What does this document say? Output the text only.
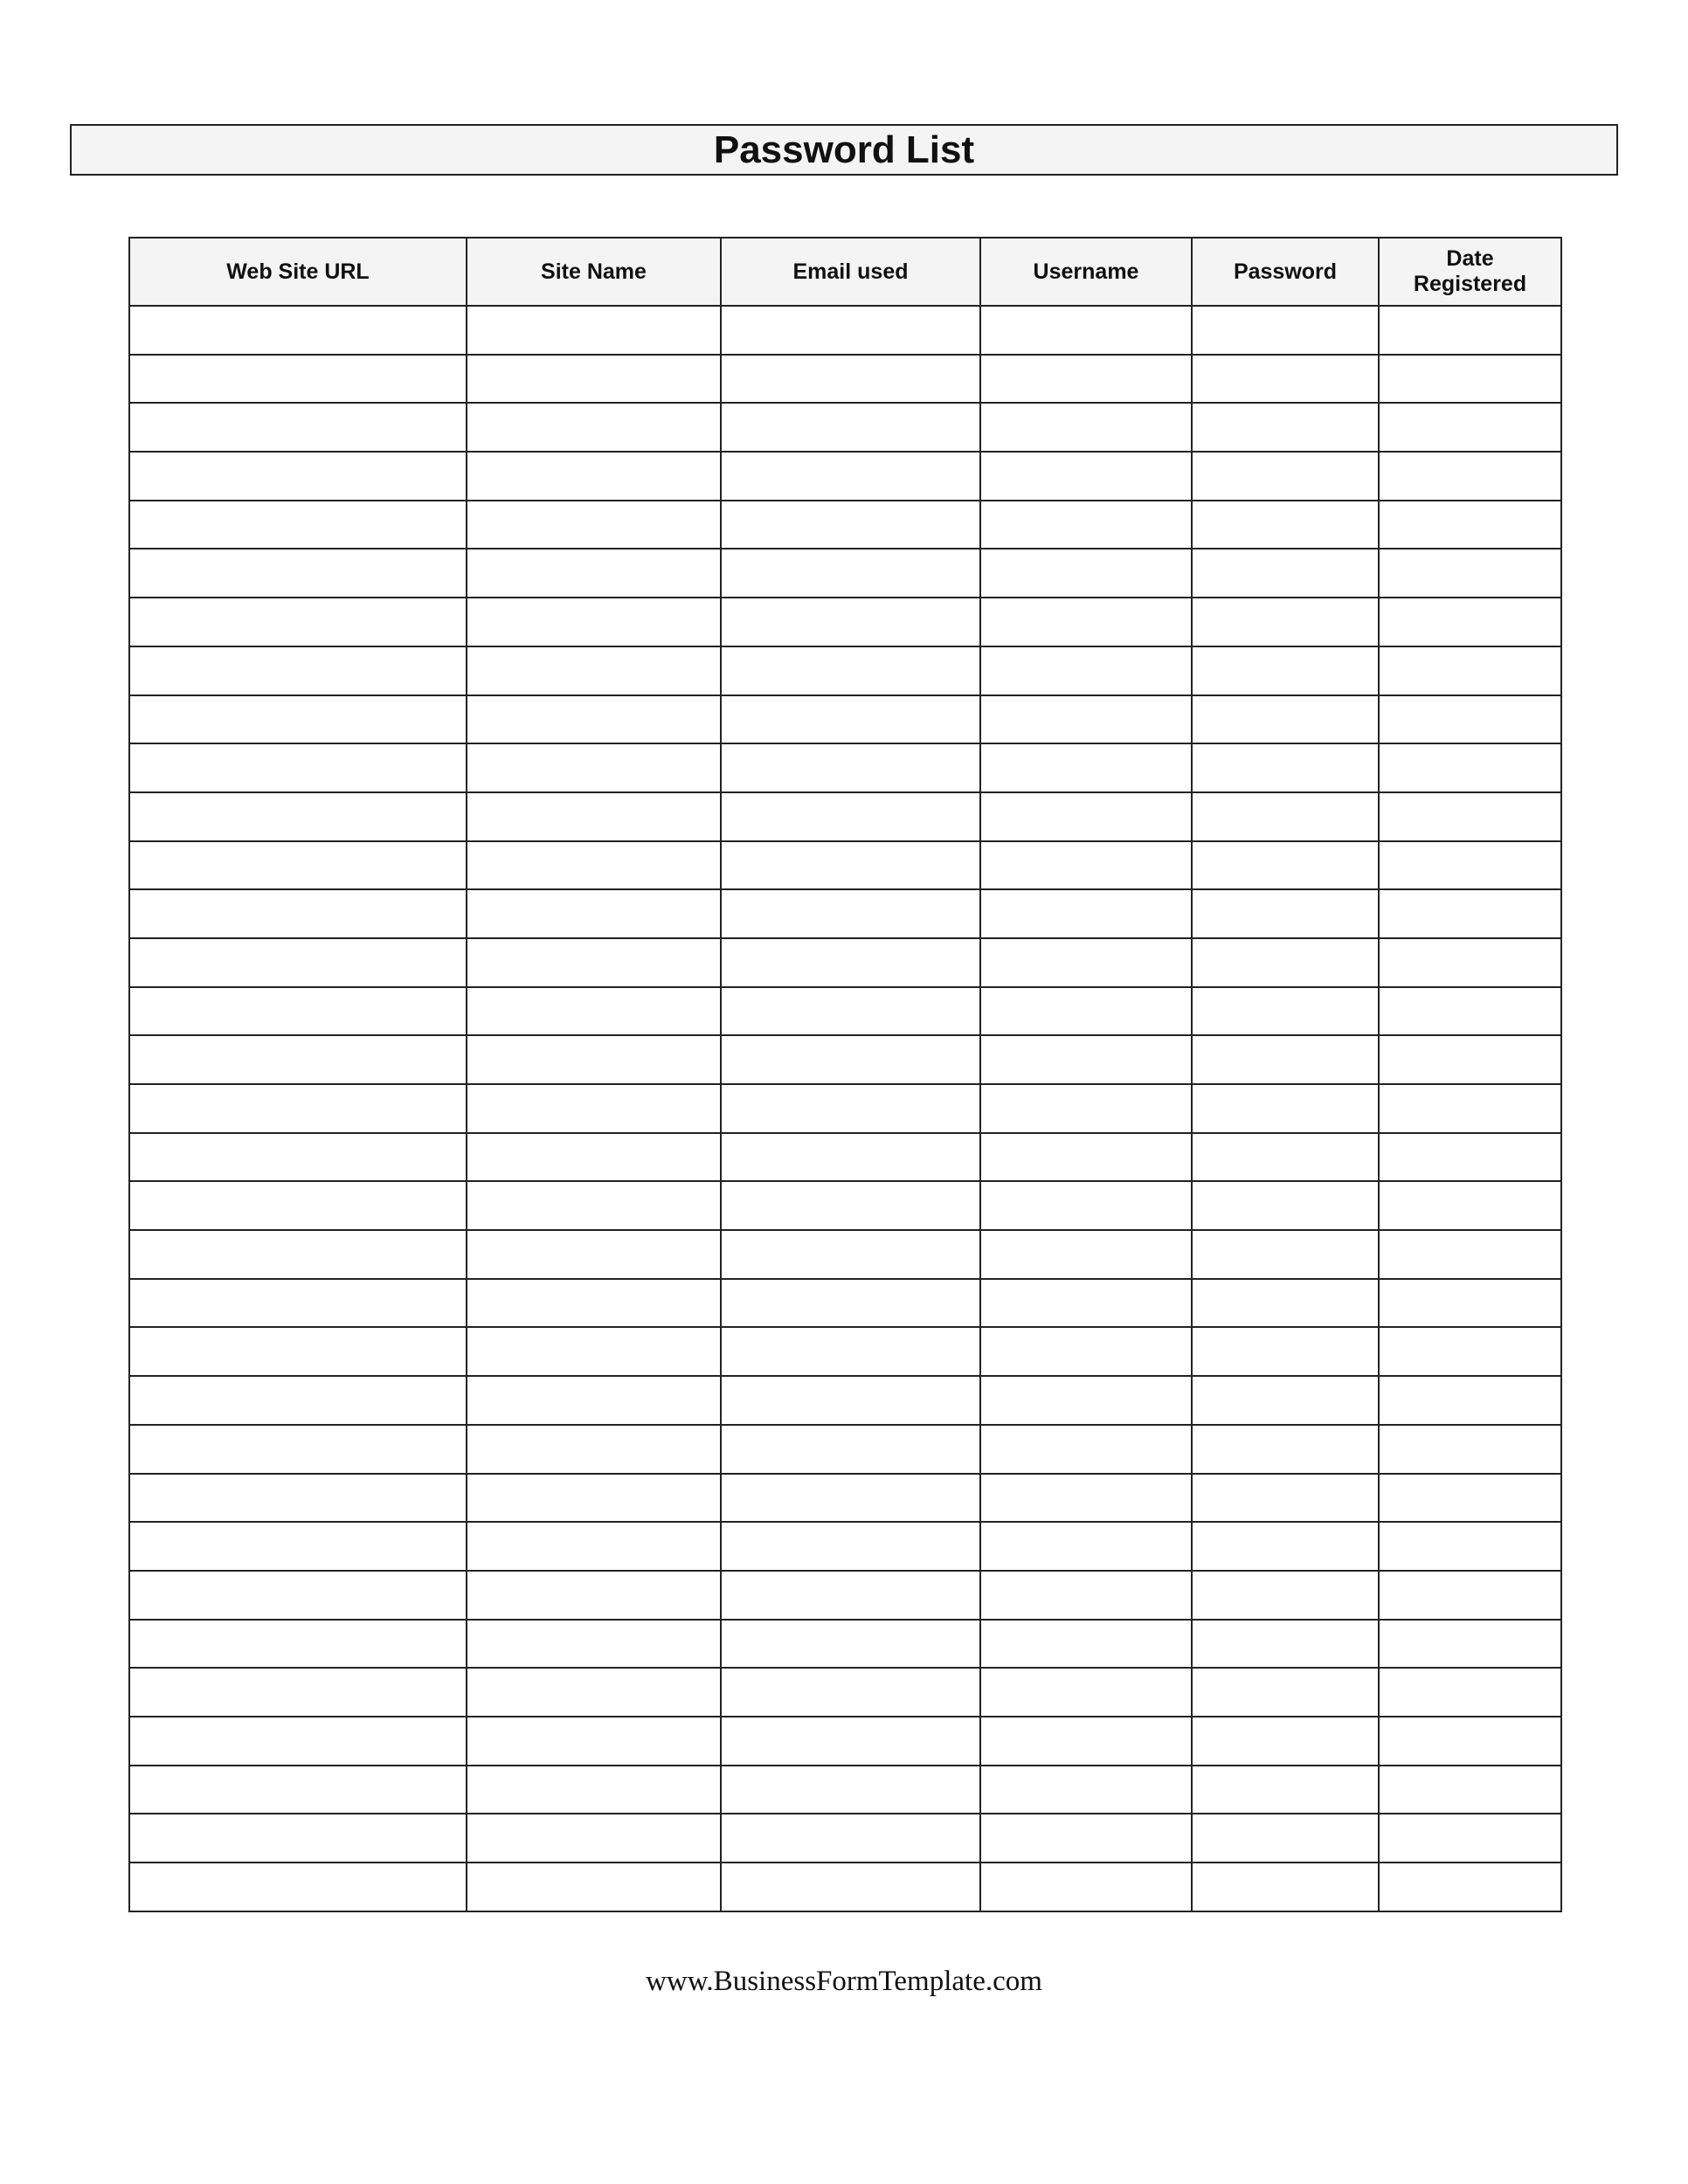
Password List
Web Site URL	Site Name	Email used	Username	Password	Date Registered

www.BusinessFormTemplate.com
